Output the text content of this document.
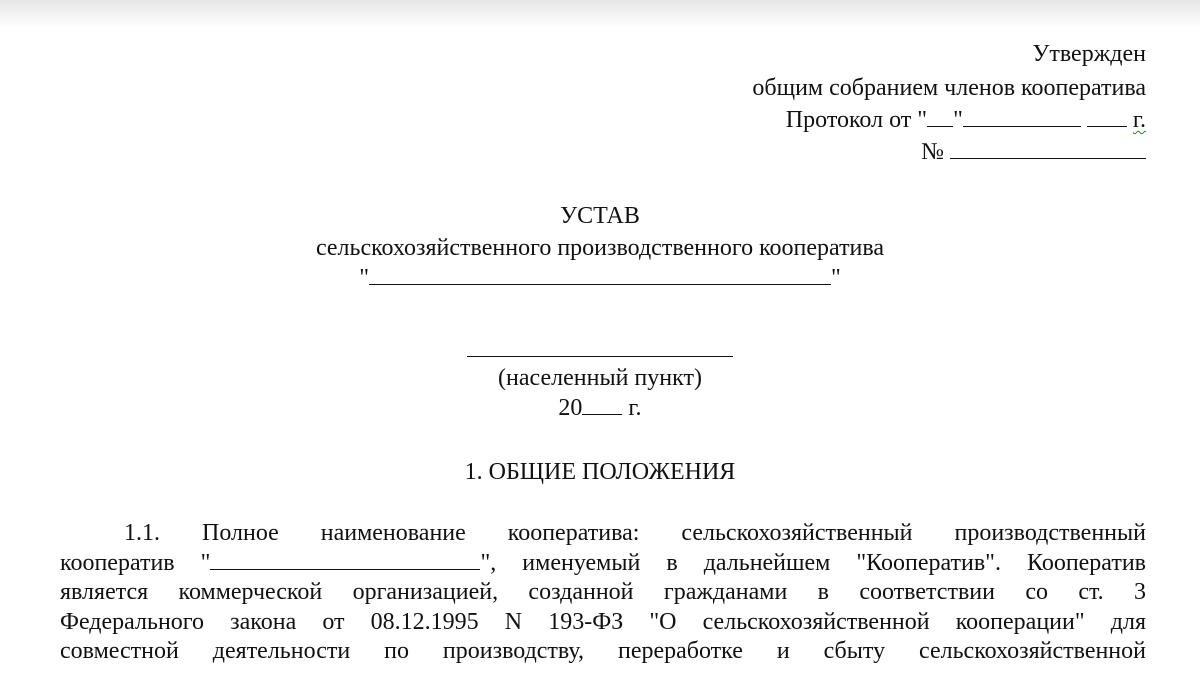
Утвержден
общим собранием членов кооператива
Протокол от " "	г.
№
УСТАВ
сельскохозяйственного производственного кооператива
"	"
(населенный пункт)
20 г.
1. ОБЩИЕ ПОЛОЖЕНИЯ
1.1. Полное наименование кооператива: сельскохозяйственный производственный
кооператив "	", именуемый в дальнейшем "Кооператив". Кооператив
является коммерческой организацией, созданной гражданами в соответствии со ст. 3
Федерального закона от 08.12.1995 N 193-ФЗ "О сельскохозяйственной кооперации" для
совместной деятельности по производству, переработке и сбыту сельскохозяйственной
